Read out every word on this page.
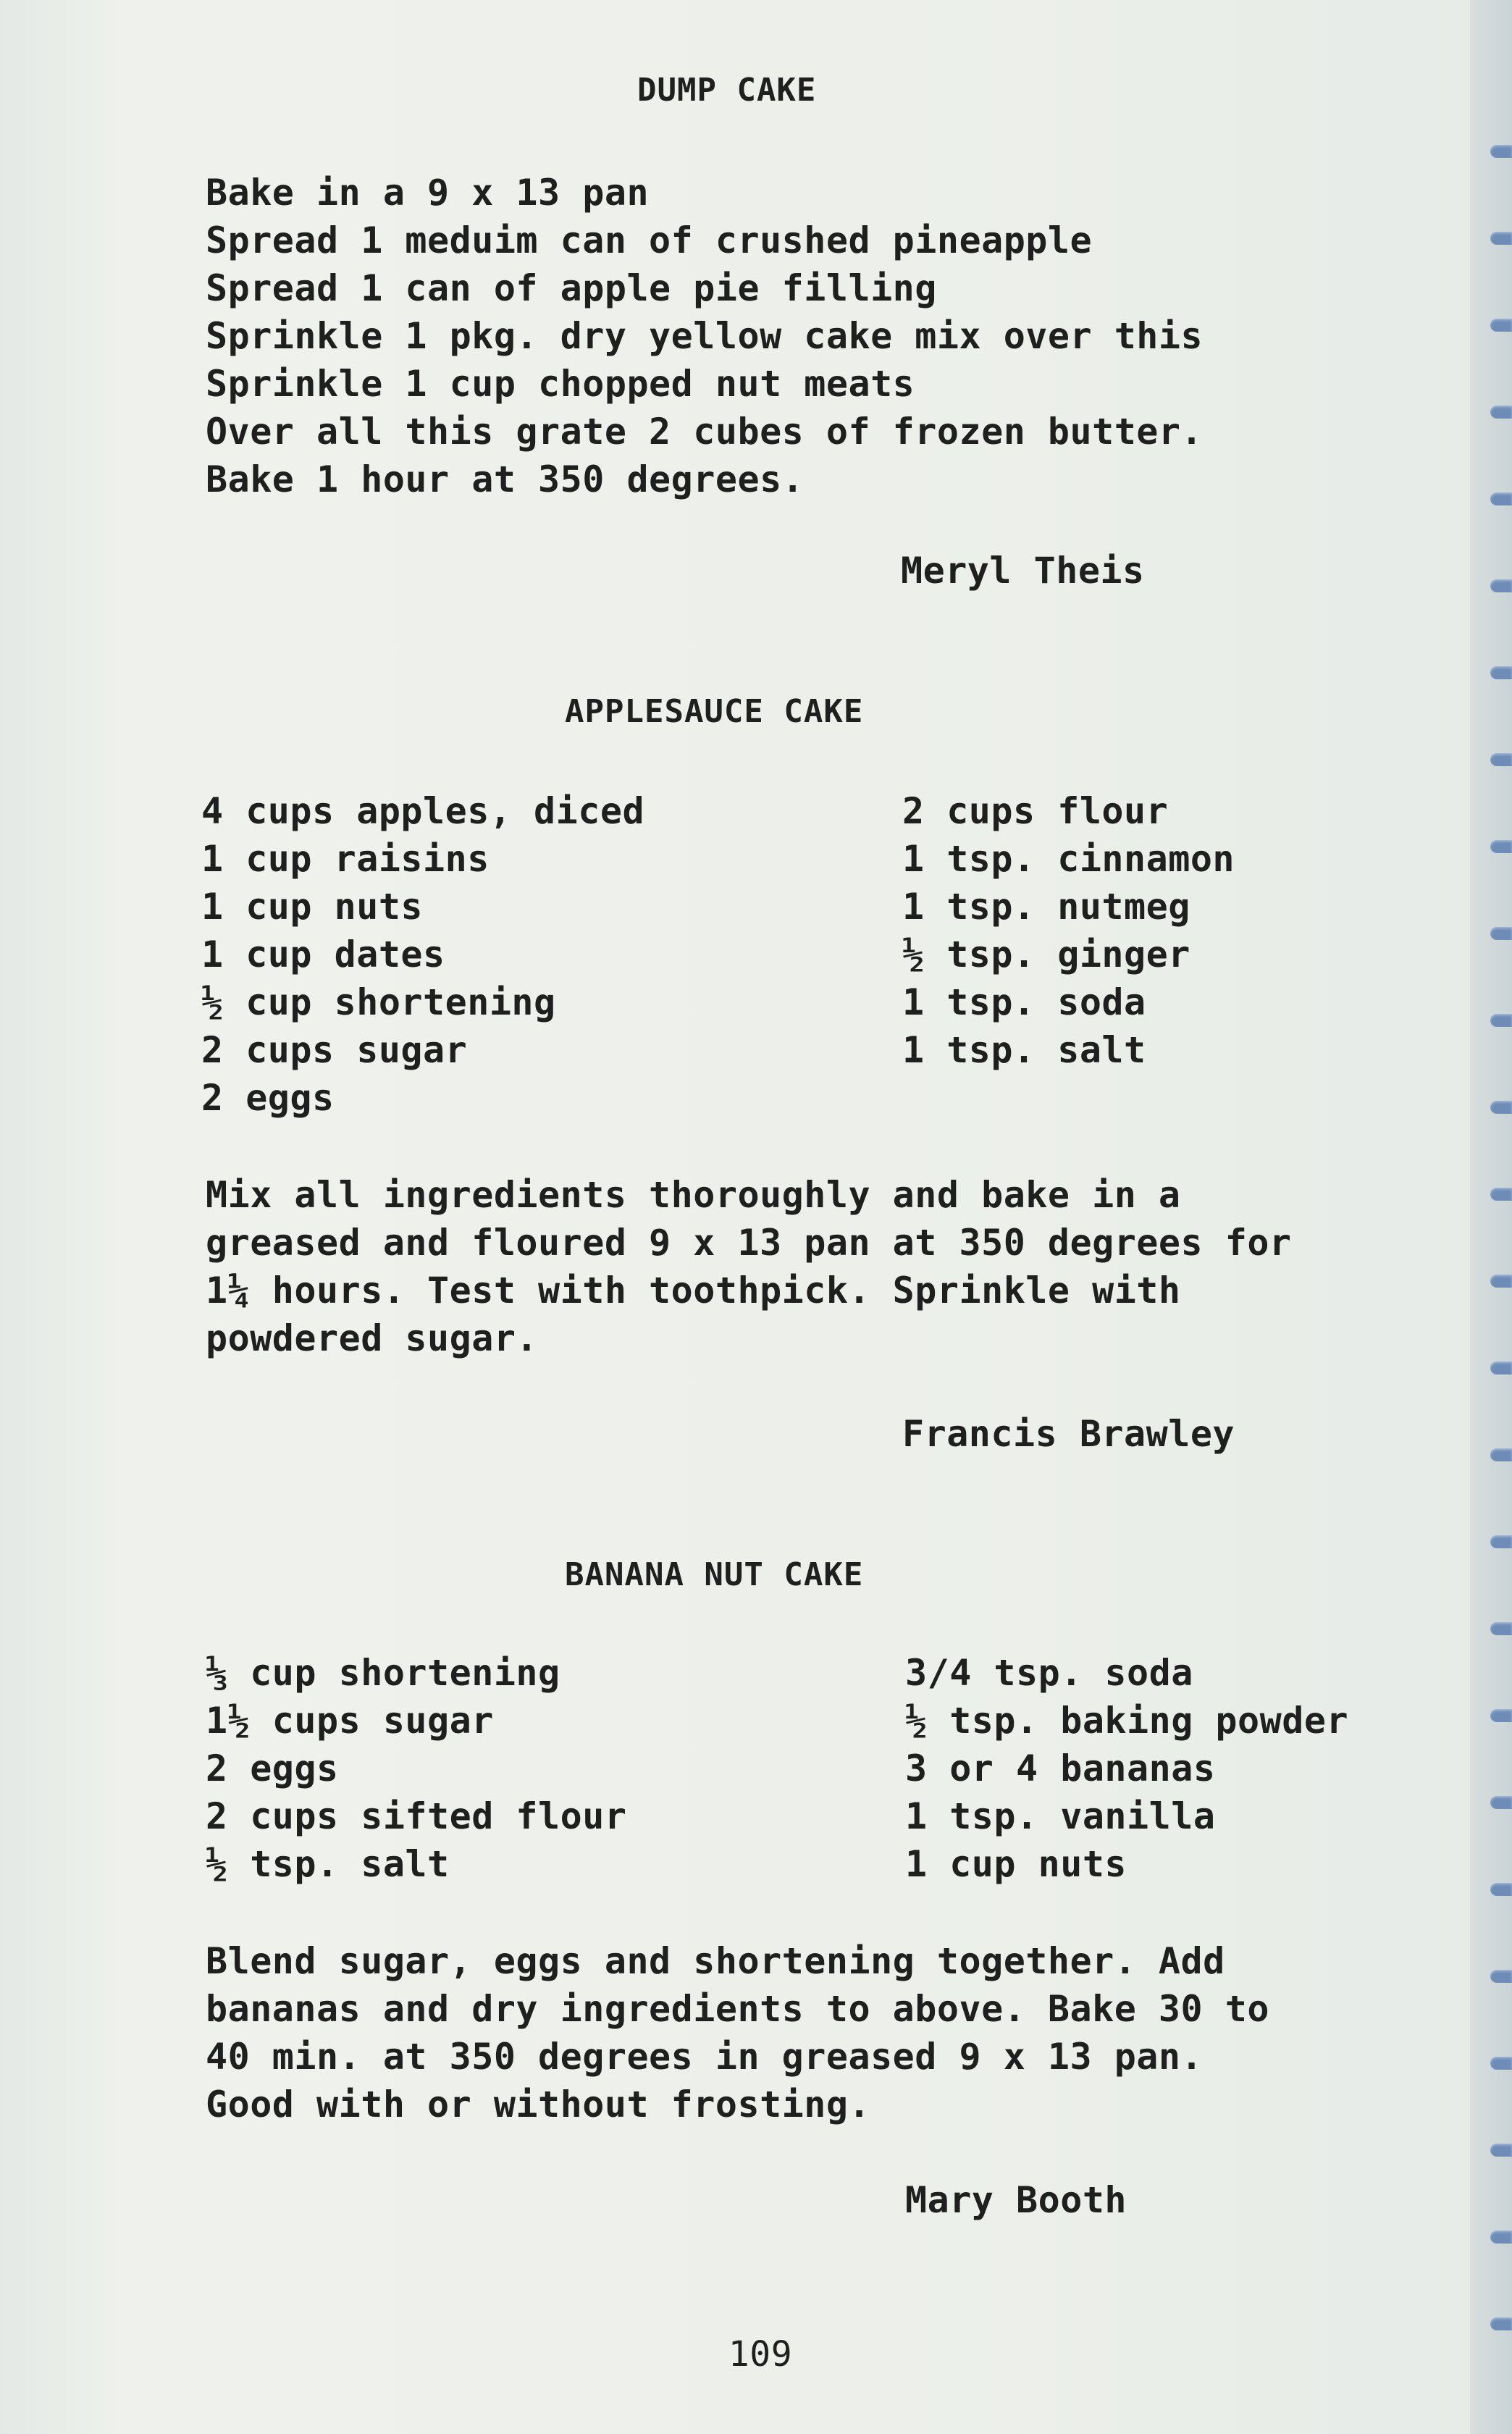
DUMP CAKE
Bake in a 9 x 13 pan
Spread 1 meduim can of crushed pineapple
Spread 1 can of apple pie filling
Sprinkle 1 pkg. dry yellow cake mix over this
Sprinkle 1 cup chopped nut meats
Over all this grate 2 cubes of frozen butter.
Bake 1 hour at 350 degrees.
Meryl Theis
APPLESAUCE CAKE
4 cups apples, diced
1 cup raisins
1 cup nuts
1 cup dates
½ cup shortening
2 cups sugar
2 eggs
2 cups flour
1 tsp. cinnamon
1 tsp. nutmeg
½ tsp. ginger
1 tsp. soda
1 tsp. salt
Mix all ingredients thoroughly and bake in a
greased and floured 9 x 13 pan at 350 degrees for
1¼ hours. Test with toothpick. Sprinkle with
powdered sugar.
Francis Brawley
BANANA NUT CAKE
⅓ cup shortening
1½ cups sugar
2 eggs
2 cups sifted flour
½ tsp. salt
3/4 tsp. soda
½ tsp. baking powder
3 or 4 bananas
1 tsp. vanilla
1 cup nuts
Blend sugar, eggs and shortening together. Add
bananas and dry ingredients to above. Bake 30 to
40 min. at 350 degrees in greased 9 x 13 pan.
Good with or without frosting.
Mary Booth
109
